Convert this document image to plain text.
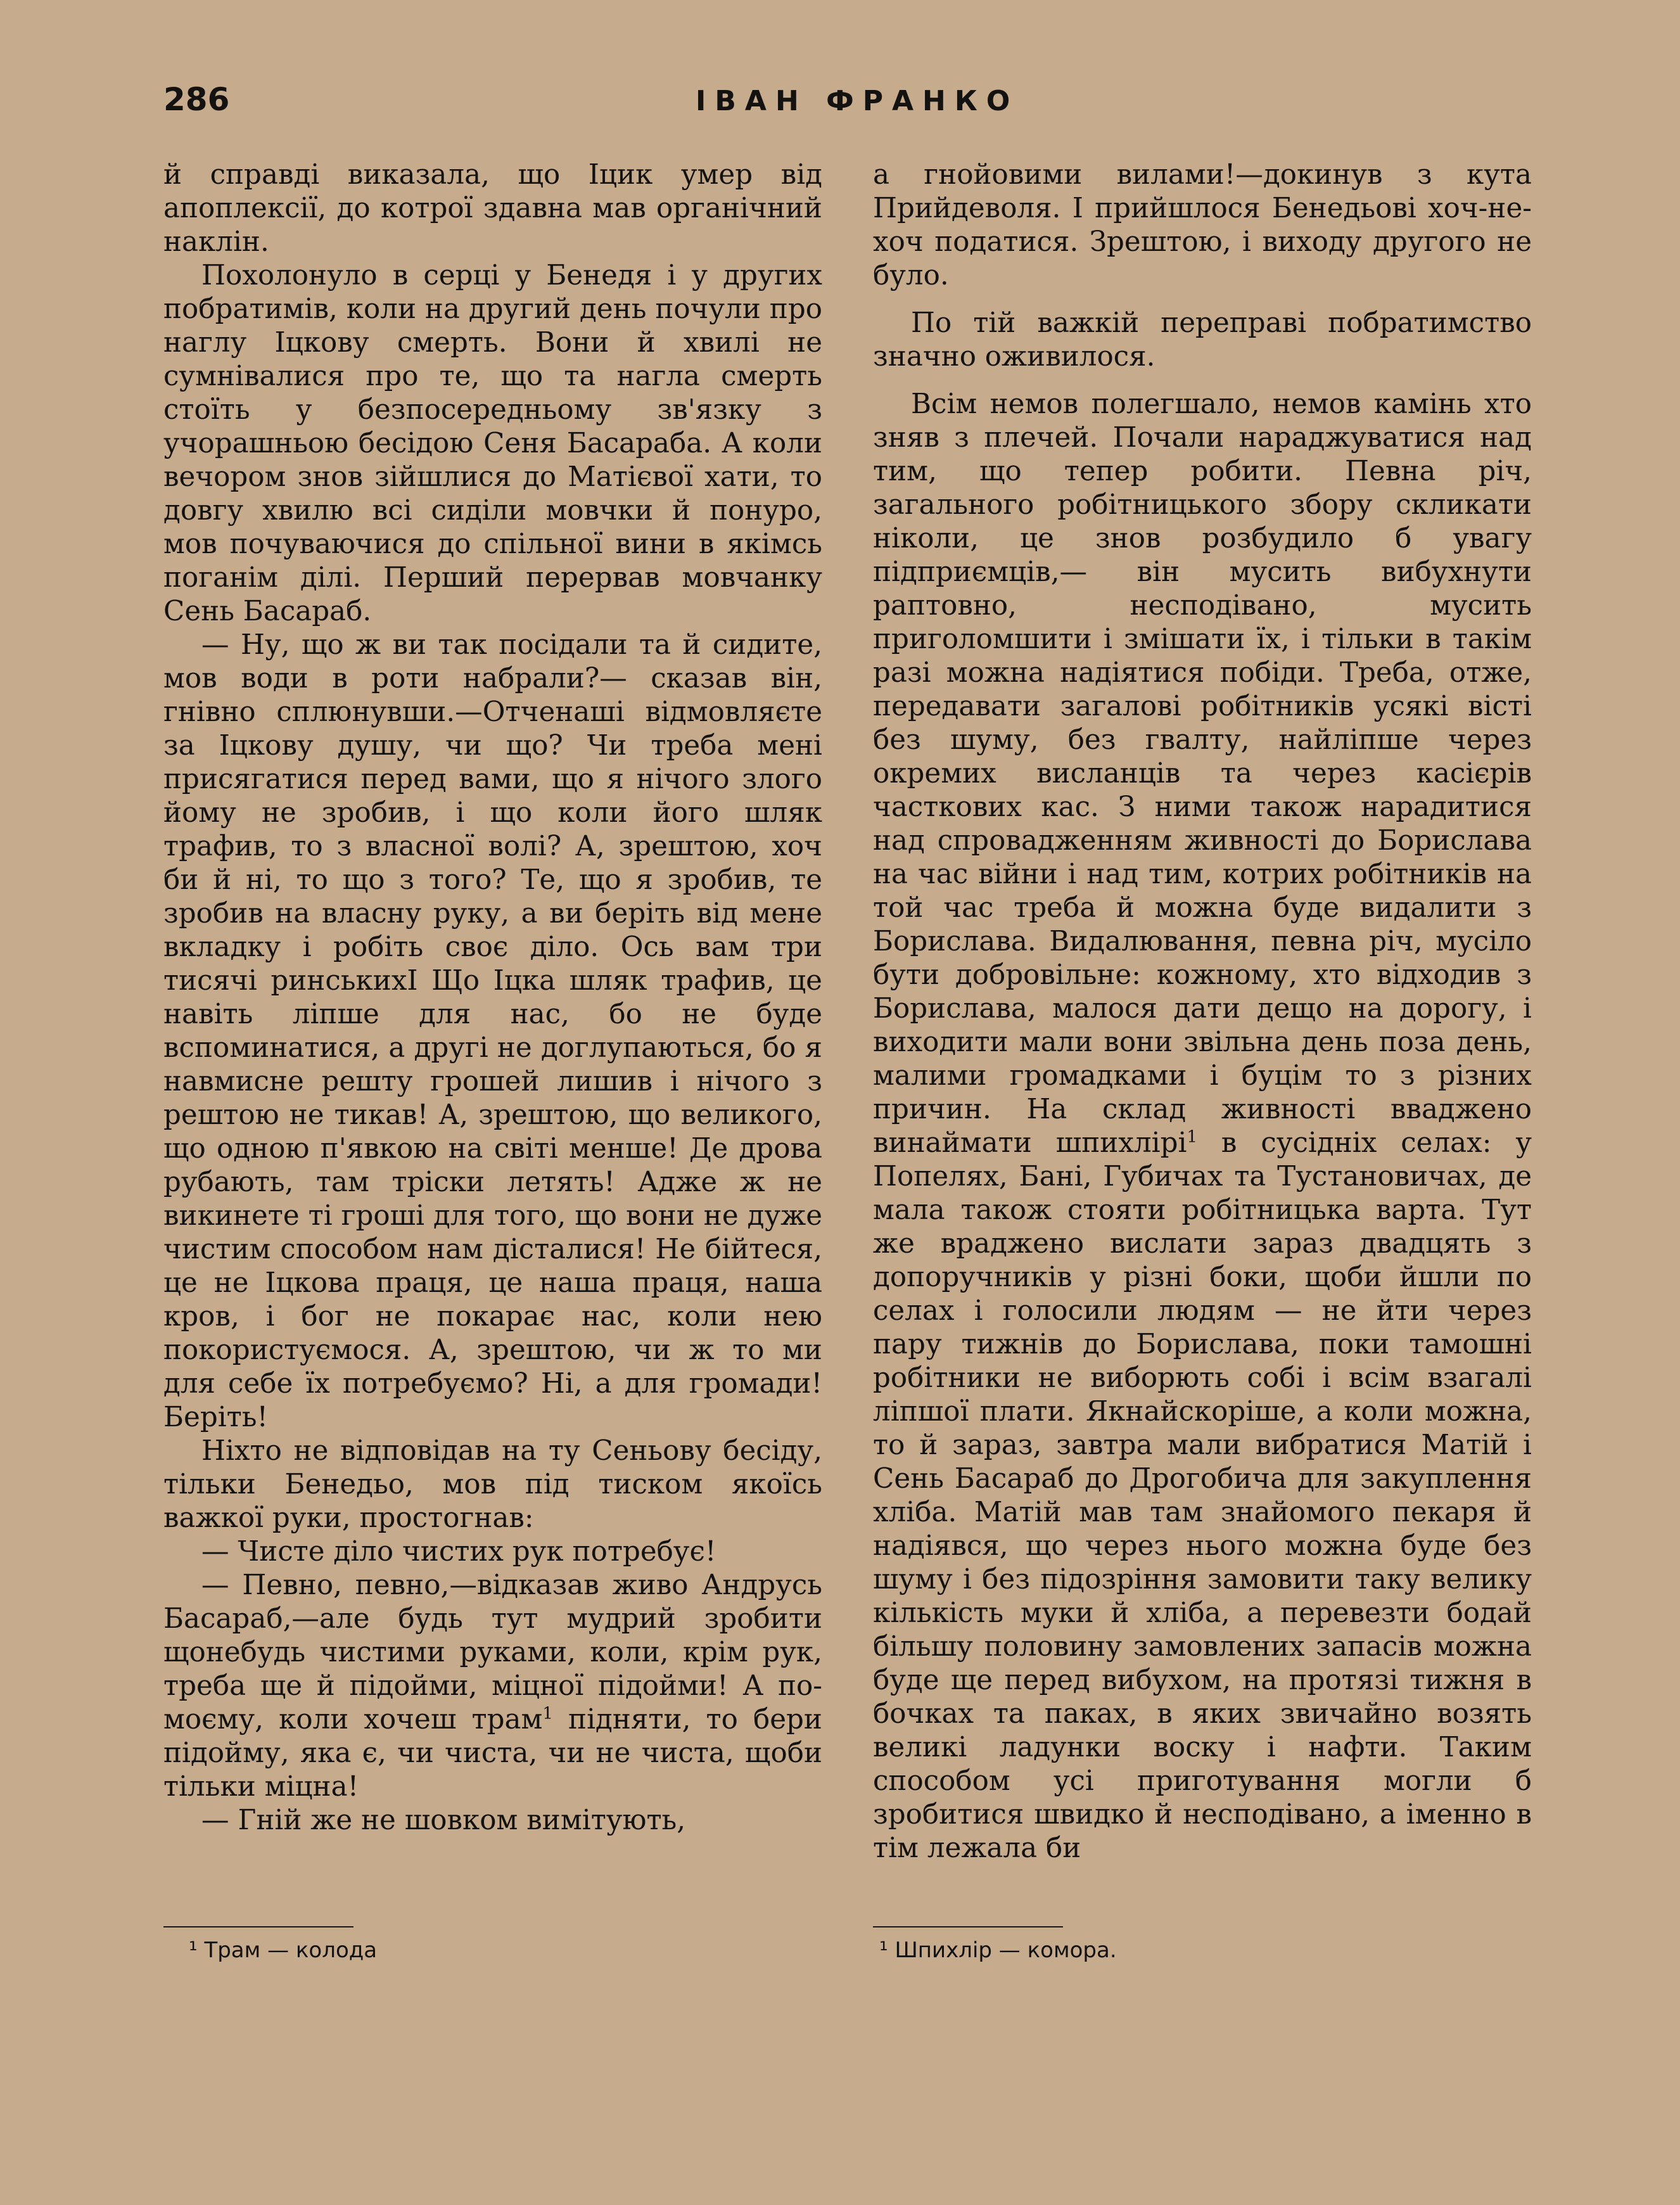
286	ІВАН ФРАНКО

й справді виказала, що Іцик умер від апоплексії, до котрої здавна мав органічний наклін.

Похолонуло в серці у Бенедя і у других побратимів, коли на другий день почули про наглу Іцкову смерть. Вони й хвилі не сумнівалися про те, що та нагла смерть стоїть у безпосередньому зв'язку з учорашньою бесідою Сеня Басараба. А коли вечором знов зійшлися до Матієвої хати, то довгу хвилю всі сиділи мовчки й понуро, мов почуваючися до спільної вини в якімсь поганім ділі. Перший перервав мовчанку Сень Басараб.

— Ну, що ж ви так посідали та й сидите, мов води в роти набрали?— сказав він, гнівно сплюнувши.—Отченаші відмовляєте за Іцкову душу, чи що? Чи треба мені присягатися перед вами, що я нічого злого йому не зробив, і що коли його шляк трафив, то з власної волі? А, зрештою, хоч би й ні, то що з того? Те, що я зробив, те зробив на власну руку, а ви беріть від мене вкладку і робіть своє діло. Ось вам три тисячі ринськихI Що Іцка шляк трафив, це навіть ліпше для нас, бо не буде вспоминатися, а другі не доглупаються, бо я навмисне решту грошей лишив і нічого з рештою не тикав! А, зрештою, що великого, що одною п'явкою на світі менше! Де дрова рубають, там тріски летять! Адже ж не викинете ті гроші для того, що вони не дуже чистим способом нам дісталися! Не бійтеся, це не Іцкова праця, це наша праця, наша кров, і бог не покарає нас, коли нею покористуємося. А, зрештою, чи ж то ми для себе їх потребуємо? Ні, а для громади! Беріть!

Ніхто не відповідав на ту Сеньову бесіду, тільки Бенедьо, мов під тиском якоїсь важкої руки, простогнав:

— Чисте діло чистих рук потребує!

— Певно, певно,—відказав живо Андрусь Басараб,—але будь тут мудрий зробити щонебудь чистими руками, коли, крім рук, треба ще й підойми, міцної підойми! А по-моєму, коли хочеш трам$^1$ підняти, то бери підойму, яка є, чи чиста, чи не чиста, щоби тільки міцна!

— Гній же не шовком вимітують,

а гнойовими вилами!—докинув з кута Прийдеволя. І прийшлося Бенедьові хоч-не-хоч податися. Зрештою, і виходу другого не було.

По тій важкій переправі побратимство значно оживилося.

Всім немов полегшало, немов камінь хто зняв з плечей. Почали нараджуватися над тим, що тепер робити. Певна річ, загального робітницького збору скликати ніколи, це знов розбудило б увагу підприємців,— він мусить вибухнути раптовно, несподівано, мусить приголомшити і змішати їх, і тільки в такім разі можна надіятися побіди. Треба, отже, передавати загалові робітників усякі вісті без шуму, без гвалту, найліпше через окремих висланців та через касієрів часткових кас. З ними також нарадитися над спровадженням живності до Борислава на час війни і над тим, котрих робітників на той час треба й можна буде видалити з Борислава. Видалювання, певна річ, мусіло бути добровільне: кожному, хто відходив з Борислава, малося дати дещо на дорогу, і виходити мали вони звільна день поза день, малими громадками і буцім то з різних причин. На склад живності вваджено винаймати шпихлірі$^1$ в сусідніх селах: у Попелях, Бані, Губичах та Тустановичах, де мала також стояти робітницька варта. Тут же враджено вислати зараз двадцять з допоручників у різні боки, щоби йшли по селах і голосили людям — не йти через пару тижнів до Борислава, поки тамошні робітники не виборють собі і всім взагалі ліпшої плати. Якнайскоріше, а коли можна, то й зараз, завтра мали вибратися Матій і Сень Басараб до Дрогобича для закуплення хліба. Матій мав там знайомого пекаря й надіявся, що через нього можна буде без шуму і без підозріння замовити таку велику кількість муки й хліба, а перевезти бодай більшу половину замовлених запасів можна буде ще перед вибухом, на протязі тижня в бочках та паках, в яких звичайно возять великі ладунки воску і нафти. Таким способом усі приготування могли б зробитися швидко й несподівано, а імeнно в тім лежала би

¹ Трам — колода	¹ Шпихлір — комора.
